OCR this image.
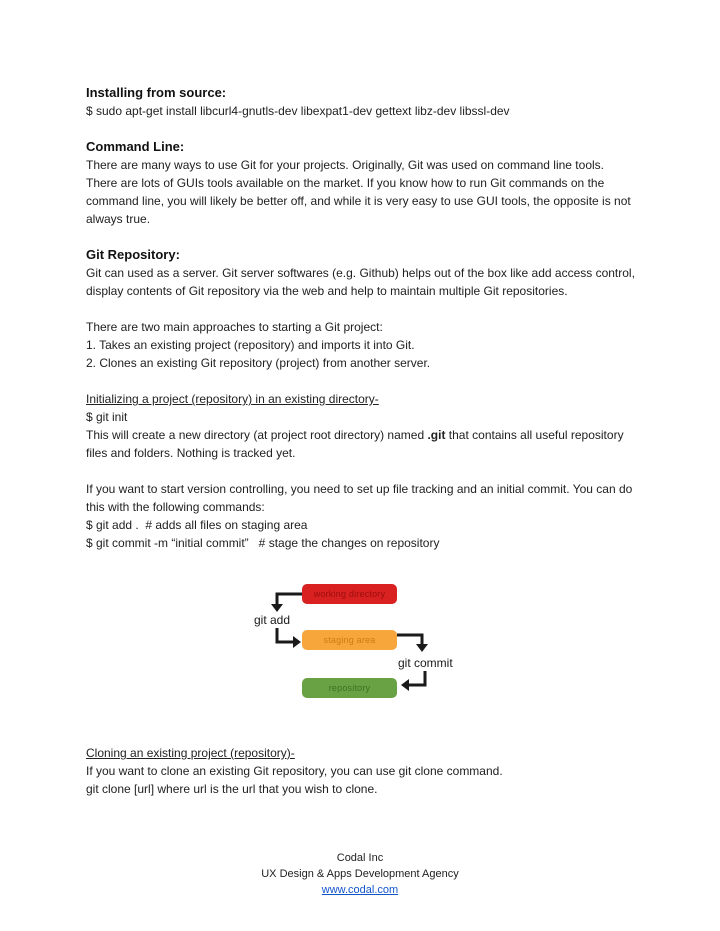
Installing from source:
$ sudo apt-get install libcurl4-gnutls-dev libexpat1-dev gettext libz-dev libssl-dev
Command Line:
There are many ways to use Git for your projects. Originally, Git was used on command line tools. There are lots of GUIs tools available on the market. If you know how to run Git commands on the command line, you will likely be better off, and while it is very easy to use GUI tools, the opposite is not always true.
Git Repository:
Git can used as a server. Git server softwares (e.g. Github) helps out of the box like add access control, display contents of Git repository via the web and help to maintain multiple Git repositories.
There are two main approaches to starting a Git project:
1. Takes an existing project (repository) and imports it into Git.
2. Clones an existing Git repository (project) from another server.
Initializing a project (repository) in an existing directory-
$ git init
This will create a new directory (at project root directory) named .git that contains all useful repository files and folders. Nothing is tracked yet.
If you want to start version controlling, you need to set up file tracking and an initial commit. You can do this with the following commands:
$ git add .  # adds all files on staging area
$ git commit -m “initial commit”   # stage the changes on repository
working directory
staging area
repository
git add
git commit
Cloning an existing project (repository)-
If you want to clone an existing Git repository, you can use git clone command.
git clone [url] where url is the url that you wish to clone.
Codal Inc
UX Design & Apps Development Agency
www.codal.com
